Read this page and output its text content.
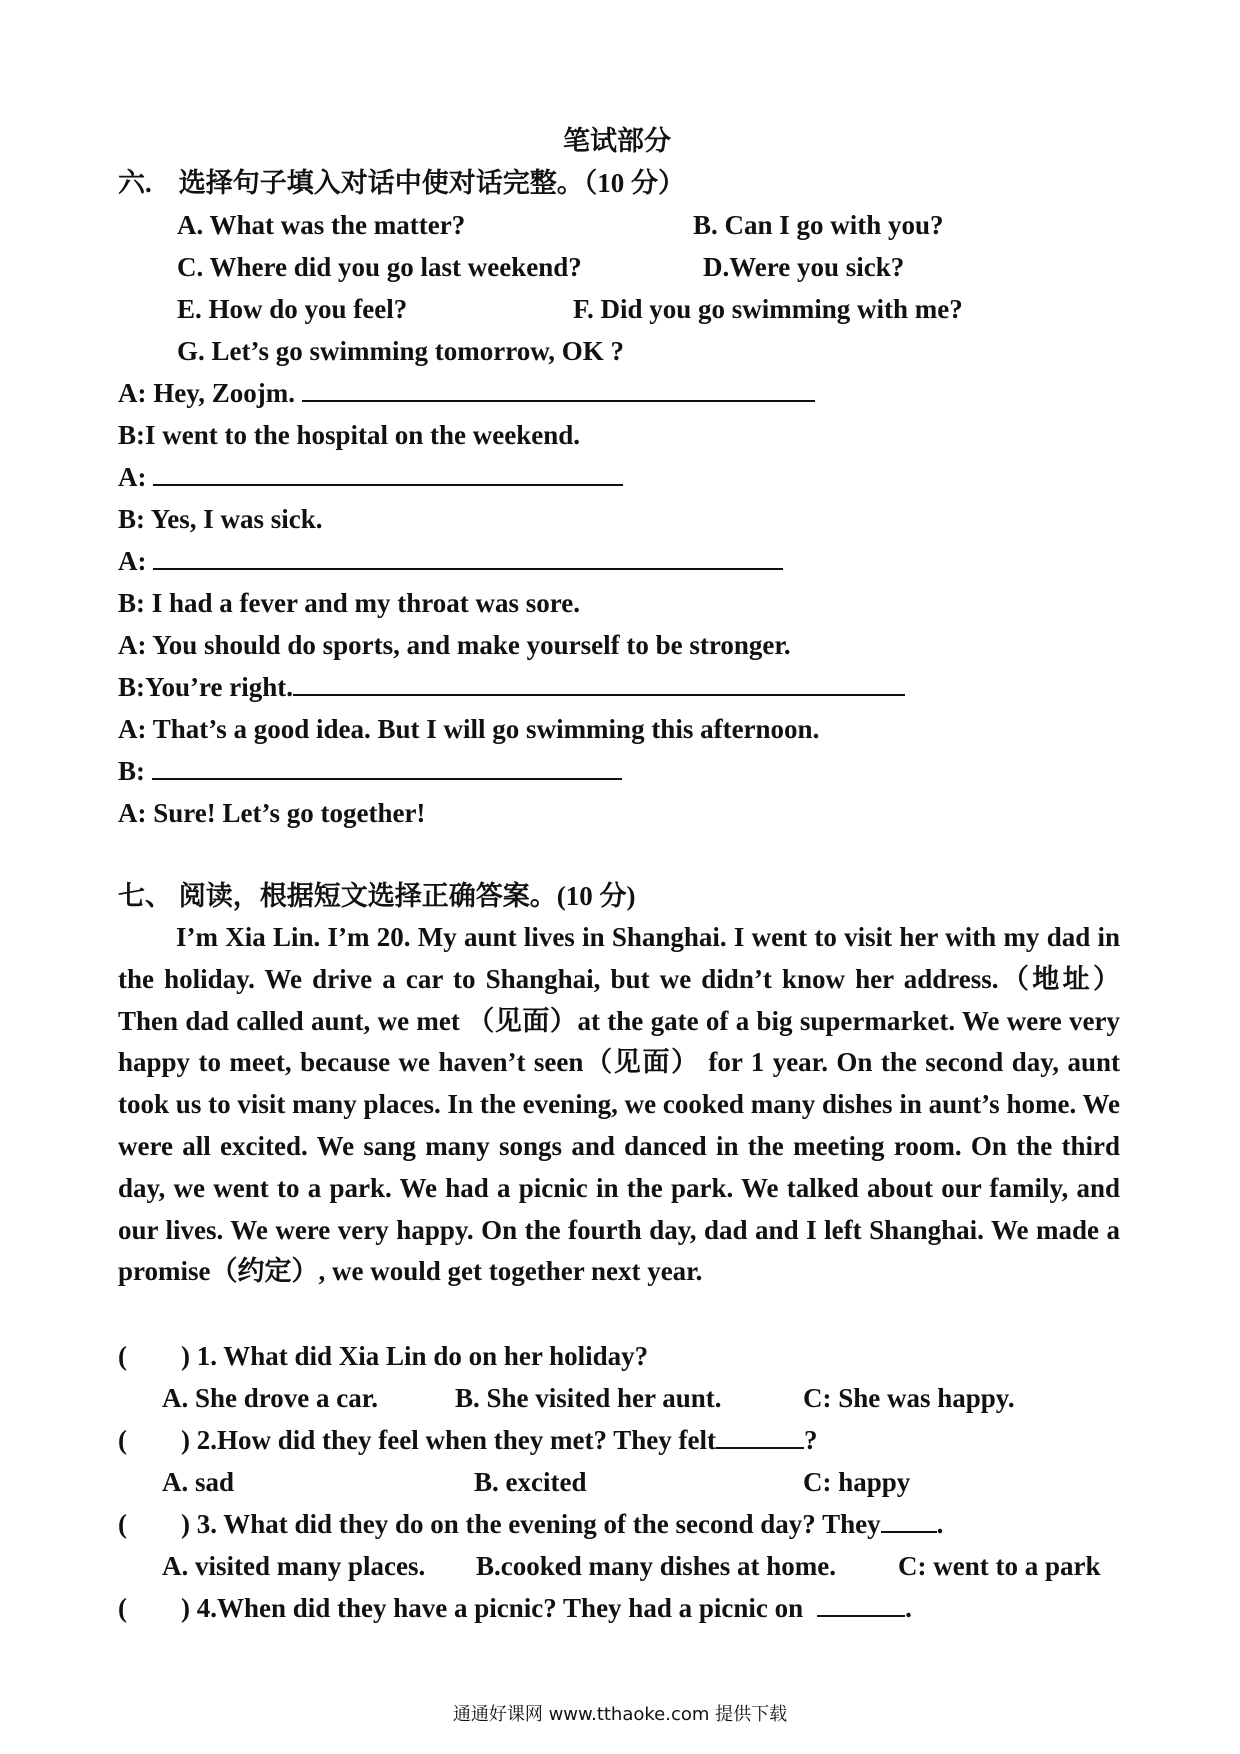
笔试部分
六.　选择句子填入对话中使对话完整。（10 分）
A. What was the matter?	B. Can I go with you?
C. Where did you go last weekend?	D.Were you sick?
E. How do you feel?	F. Did you go swimming with me?
G. Let’s go swimming tomorrow, OK ?
A: Hey, Zoojm.
B:I went to the hospital on the weekend.
A:
B: Yes, I was sick.
A:
B: I had a fever and my throat was sore.
A: You should do sports, and make yourself to be stronger.
B:You’re right.
A: That’s a good idea. But I will go swimming this afternoon.
B:
A: Sure! Let’s go together!
七、 阅读，根据短文选择正确答案。(10 分)
I’m Xia Lin. I’m 20. My aunt lives in Shanghai. I went to visit her with my dad in the holiday. We drive a car to Shanghai, but we didn’t know her address.（地址）Then dad called aunt, we met （见面）at the gate of a big supermarket. We were very happy to meet, because we haven’t seen（见面） for 1 year. On the second day, aunt took us to visit many places. In the evening, we cooked many dishes in aunt’s home. We were all excited. We sang many songs and danced in the meeting room. On the third day, we went to a park. We had a picnic in the park. We talked about our family, and our lives. We were very happy. On the fourth day, dad and I left Shanghai. We made a promise（约定）, we would get together next year.
(　　) 1. What did Xia Lin do on her holiday?
A. She drove a car.	B. She visited her aunt.	C: She was happy.
(　　) 2.How did they feel when they met? They felt	?
A. sad	B. excited	C: happy
(　　) 3. What did they do on the evening of the second day? They .
A. visited many places. B.cooked many dishes at home. C: went to a park
(　　) 4.When did they have a picnic? They had a picnic on	.
通通好课网 www.tthaoke.com 提供下载
